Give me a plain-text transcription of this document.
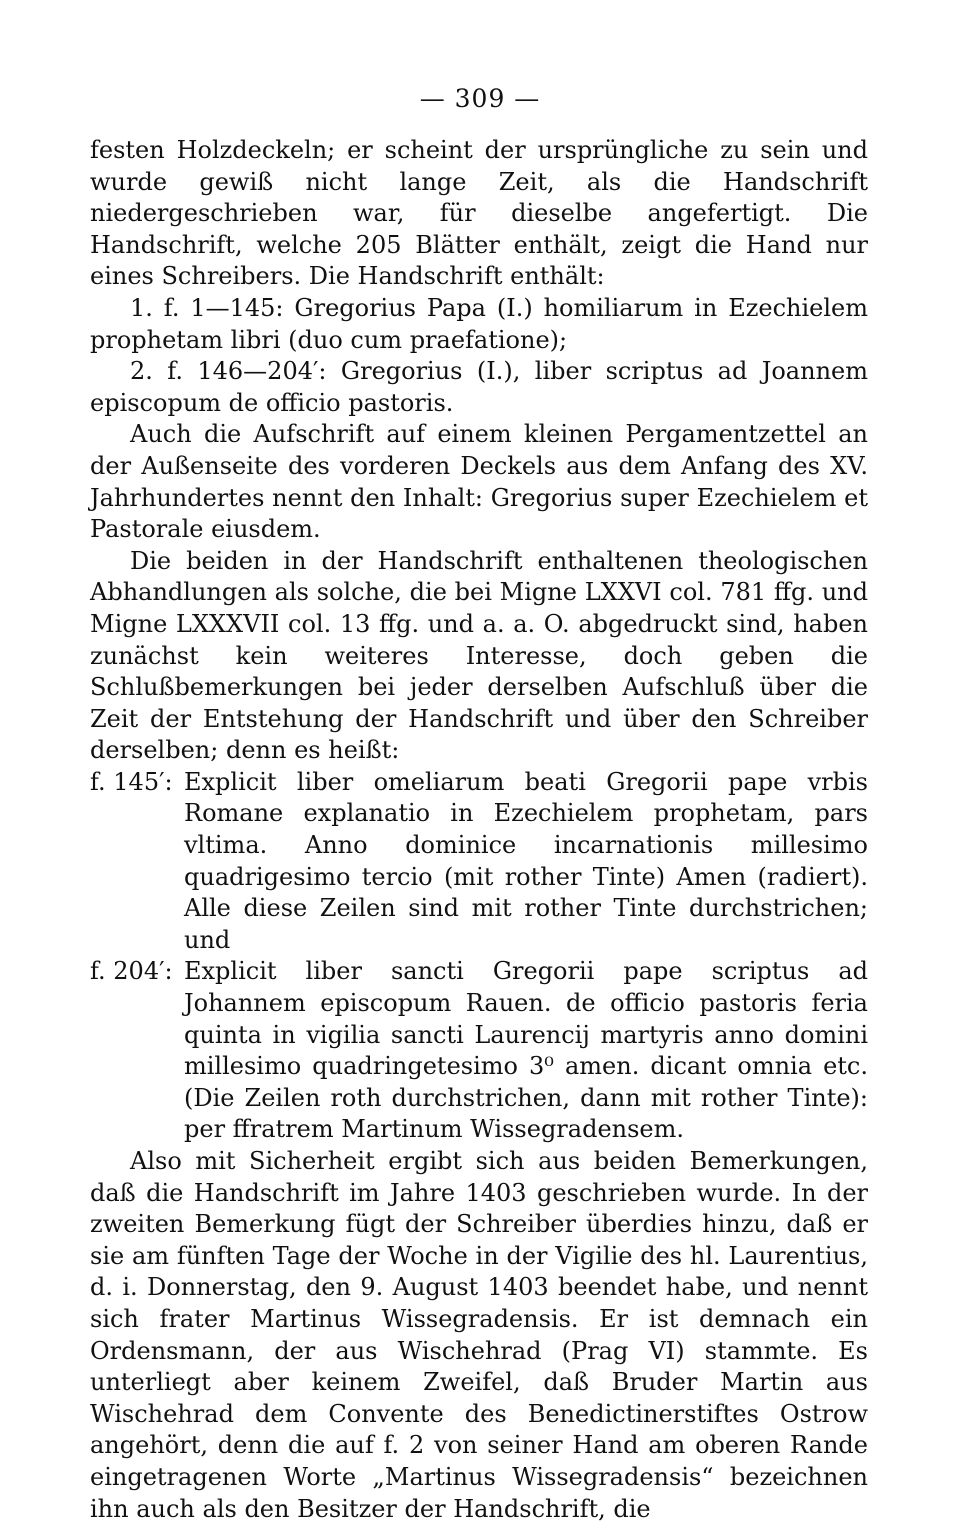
— 309 —

festen Holzdeckeln; er scheint der ursprüngliche zu sein und wurde gewiß nicht lange Zeit, als die Handschrift niedergeschrieben war, für dieselbe angefertigt. Die Handschrift, welche 205 Blätter enthält, zeigt die Hand nur eines Schreibers. Die Handschrift enthält:

1. f. 1—145: Gregorius Papa (I.) homiliarum in Ezechielem prophetam libri (duo cum praefatione);

2. f. 146—204′: Gregorius (I.), liber scriptus ad Joannem episcopum de officio pastoris.

Auch die Aufschrift auf einem kleinen Pergamentzettel an der Außenseite des vorderen Deckels aus dem Anfang des XV. Jahrhundertes nennt den Inhalt: Gregorius super Ezechielem et Pastorale eiusdem.

Die beiden in der Handschrift enthaltenen theologischen Abhandlungen als solche, die bei Migne LXXVI col. 781 ffg. und Migne LXXXVII col. 13 ffg. und a. a. O. abgedruckt sind, haben zunächst kein weiteres Interesse, doch geben die Schlußbemerkungen bei jeder derselben Aufschluß über die Zeit der Entstehung der Handschrift und über den Schreiber derselben; denn es heißt:

f. 145′: Explicit liber omeliarum beati Gregorii pape vrbis Romane explanatio in Ezechielem prophetam, pars vltima. Anno dominice incarnationis millesimo quadrigesimo tercio (mit rother Tinte) Amen (radiert). Alle diese Zeilen sind mit rother Tinte durchstrichen; und
f. 204′: Explicit liber sancti Gregorii pape scriptus ad Johannem episcopum Rauen. de officio pastoris feria quinta in vigilia sancti Laurencij martyris anno domini millesimo quadringetesimo 3⁰ amen. dicant omnia etc. (Die Zeilen roth durchstrichen, dann mit rother Tinte): per ffratrem Martinum Wissegradensem.

Also mit Sicherheit ergibt sich aus beiden Bemerkungen, daß die Handschrift im Jahre 1403 geschrieben wurde. In der zweiten Bemerkung fügt der Schreiber überdies hinzu, daß er sie am fünften Tage der Woche in der Vigilie des hl. Laurentius, d. i. Donnerstag, den 9. August 1403 beendet habe, und nennt sich frater Martinus Wissegradensis. Er ist demnach ein Ordensmann, der aus Wischehrad (Prag VI) stammte. Es unterliegt aber keinem Zweifel, daß Bruder Martin aus Wischehrad dem Convente des Benedictinerstiftes Ostrow angehört, denn die auf f. 2 von seiner Hand am oberen Rande eingetragenen Worte „Martinus Wissegradensis“ bezeichnen ihn auch als den Besitzer der Handschrift, die
